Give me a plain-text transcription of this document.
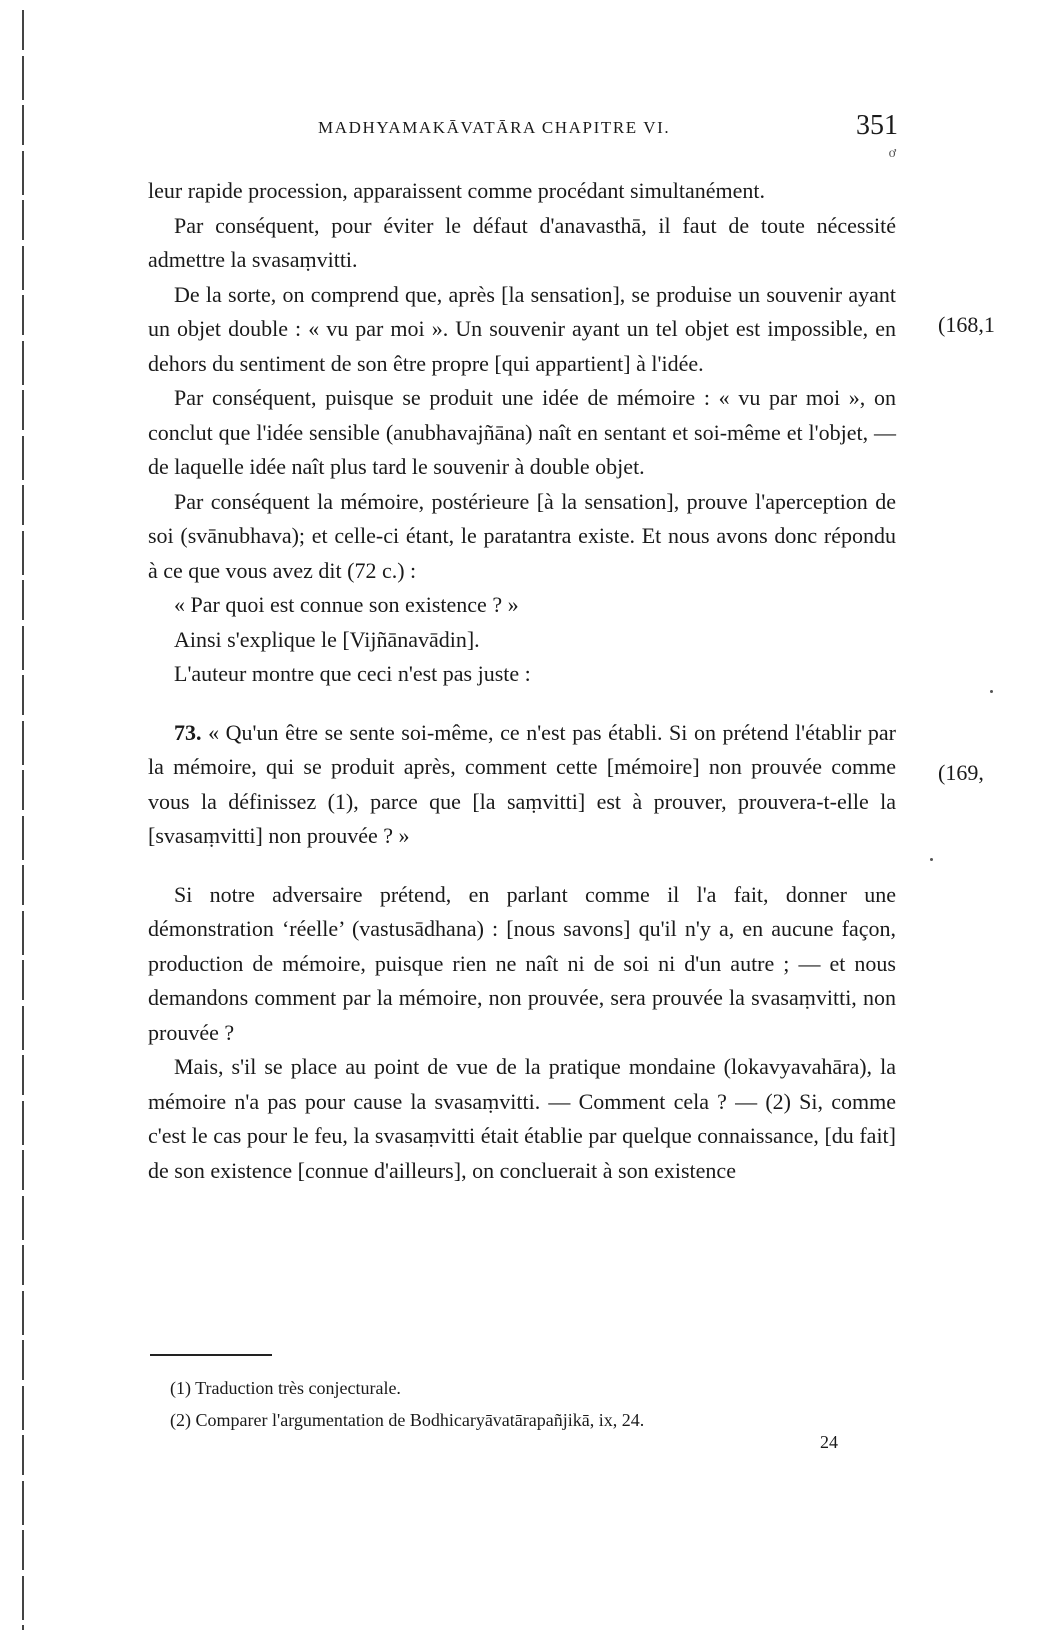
MADHYAMAKĀVATĀRA CHAPITRE VI.	351
ơ
(168,1
(169,

leur rapide procession, apparaissent comme procédant simultanément.

Par conséquent, pour éviter le défaut d'anavasthā, il faut de toute nécessité admettre la svasaṃvitti.

De la sorte, on comprend que, après [la sensation], se produise un souvenir ayant un objet double : « vu par moi ». Un souvenir ayant un tel objet est impossible, en dehors du sentiment de son être propre [qui appartient] à l'idée.

Par conséquent, puisque se produit une idée de mémoire : « vu par moi », on conclut que l'idée sensible (anubhavajñāna) naît en sentant et soi-même et l'objet, — de laquelle idée naît plus tard le souvenir à double objet.

Par conséquent la mémoire, postérieure [à la sensation], prouve l'aperception de soi (svānubhava); et celle-ci étant, le paratantra existe. Et nous avons donc répondu à ce que vous avez dit (72 c.) :

« Par quoi est connue son existence ? »

Ainsi s'explique le [Vijñānavādin].

L'auteur montre que ceci n'est pas juste :

73. « Qu'un être se sente soi-même, ce n'est pas établi. Si on prétend l'établir par la mémoire, qui se produit après, comment cette [mémoire] non prouvée comme vous la définissez (1), parce que [la saṃvitti] est à prouver, prouvera-t-elle la [svasaṃvitti] non prouvée ? »

Si notre adversaire prétend, en parlant comme il l'a fait, donner une démonstration ‘réelle’ (vastusādhana) : [nous savons] qu'il n'y a, en aucune façon, production de mémoire, puisque rien ne naît ni de soi ni d'un autre ; — et nous demandons comment par la mémoire, non prouvée, sera prouvée la svasaṃvitti, non prouvée ?

Mais, s'il se place au point de vue de la pratique mondaine (lokavyavahāra), la mémoire n'a pas pour cause la svasaṃvitti. — Comment cela ? — (2) Si, comme c'est le cas pour le feu, la svasaṃvitti était établie par quelque connaissance, [du fait] de son existence [connue d'ailleurs], on concluerait à son existence

(1) Traduction très conjecturale.

(2) Comparer l'argumentation de Bodhicaryāvatārapañjikā, ix, 24.

24
